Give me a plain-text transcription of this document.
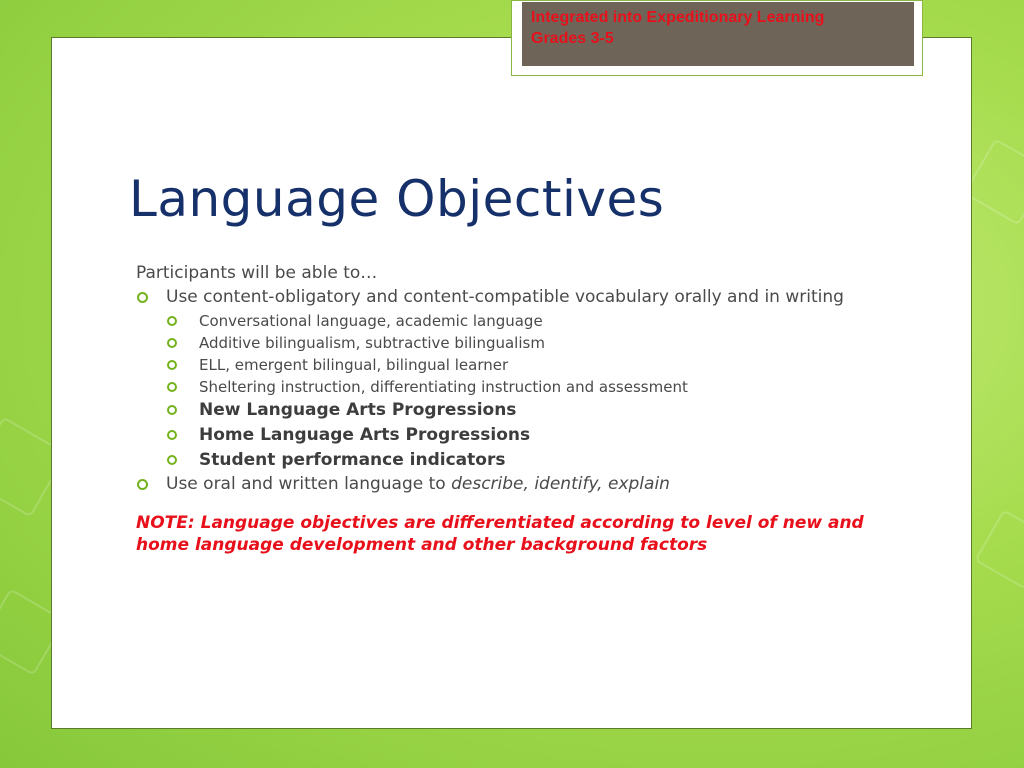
Integrated into Expeditionary Learning
Grades 3-5
Language Objectives

Participants will be able to…

Use content-obligatory and content-compatible vocabulary orally and in writing
Conversational language, academic language
Additive bilingualism, subtractive bilingualism
ELL, emergent bilingual, bilingual learner
Sheltering instruction, differentiating instruction and assessment
New Language Arts Progressions
Home Language Arts Progressions
Student performance indicators
Use oral and written language to describe, identify, explain

NOTE: Language objectives are differentiated according to level of new and home language development and other background factors
